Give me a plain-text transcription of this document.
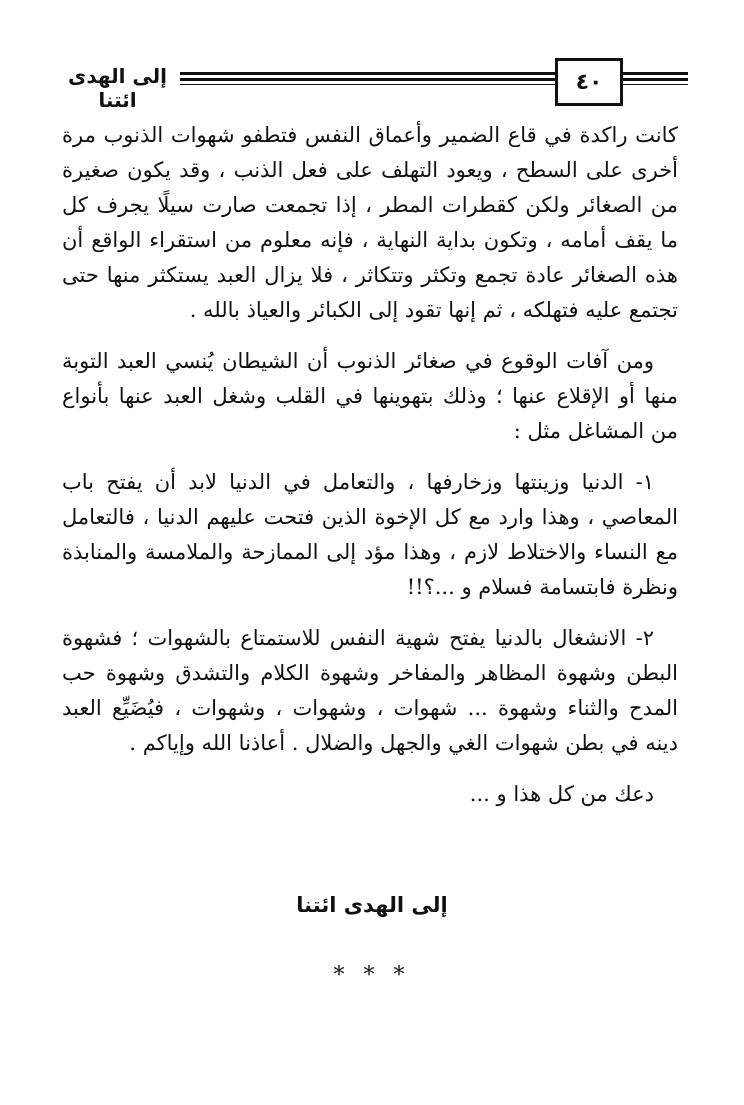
إلى الهدى ائتنا
٤٠

كانت راكدة في قاع الضمير وأعماق النفس فتطفو شهوات الذنوب مرة أخرى على السطح ، ويعود التهلف على فعل الذنب ، وقد يكون صغيرة من الصغائر ولكن كقطرات المطر ، إذا تجمعت صارت سيلًا يجرف كل ما يقف أمامه ، وتكون بداية النهاية ، فإنه معلوم من استقراء الواقع أن هذه الصغائر عادة تجمع وتكثر وتتكاثر ، فلا يزال العبد يستكثر منها حتى تجتمع عليه فتهلكه ، ثم إنها تقود إلى الكبائر والعياذ بالله .

ومن آفات الوقوع في صغائر الذنوب أن الشيطان يُنسي العبد التوبة منها أو الإقلاع عنها ؛ وذلك بتهوينها في القلب وشغل العبد عنها بأنواع من المشاغل مثل :

١- الدنيا وزينتها وزخارفها ، والتعامل في الدنيا لابد أن يفتح باب المعاصي ، وهذا وارد مع كل الإخوة الذين فتحت عليهم الدنيا ، فالتعامل مع النساء والاختلاط لازم ، وهذا مؤد إلى الممازحة والملامسة والمنابذة ونظرة فابتسامة فسلام و ...؟!!

٢- الانشغال بالدنيا يفتح شهية النفس للاستمتاع بالشهوات ؛ فشهوة البطن وشهوة المظاهر والمفاخر وشهوة الكلام والتشدق وشهوة حب المدح والثناء وشهوة ... شهوات ، وشهوات ، وشهوات ، فيُضَيِّع العبد دينه في بطن شهوات الغي والجهل والضلال . أعاذنا الله وإياكم .

دعك من كل هذا و ...

إلى الهدى ائتنا
* * *
